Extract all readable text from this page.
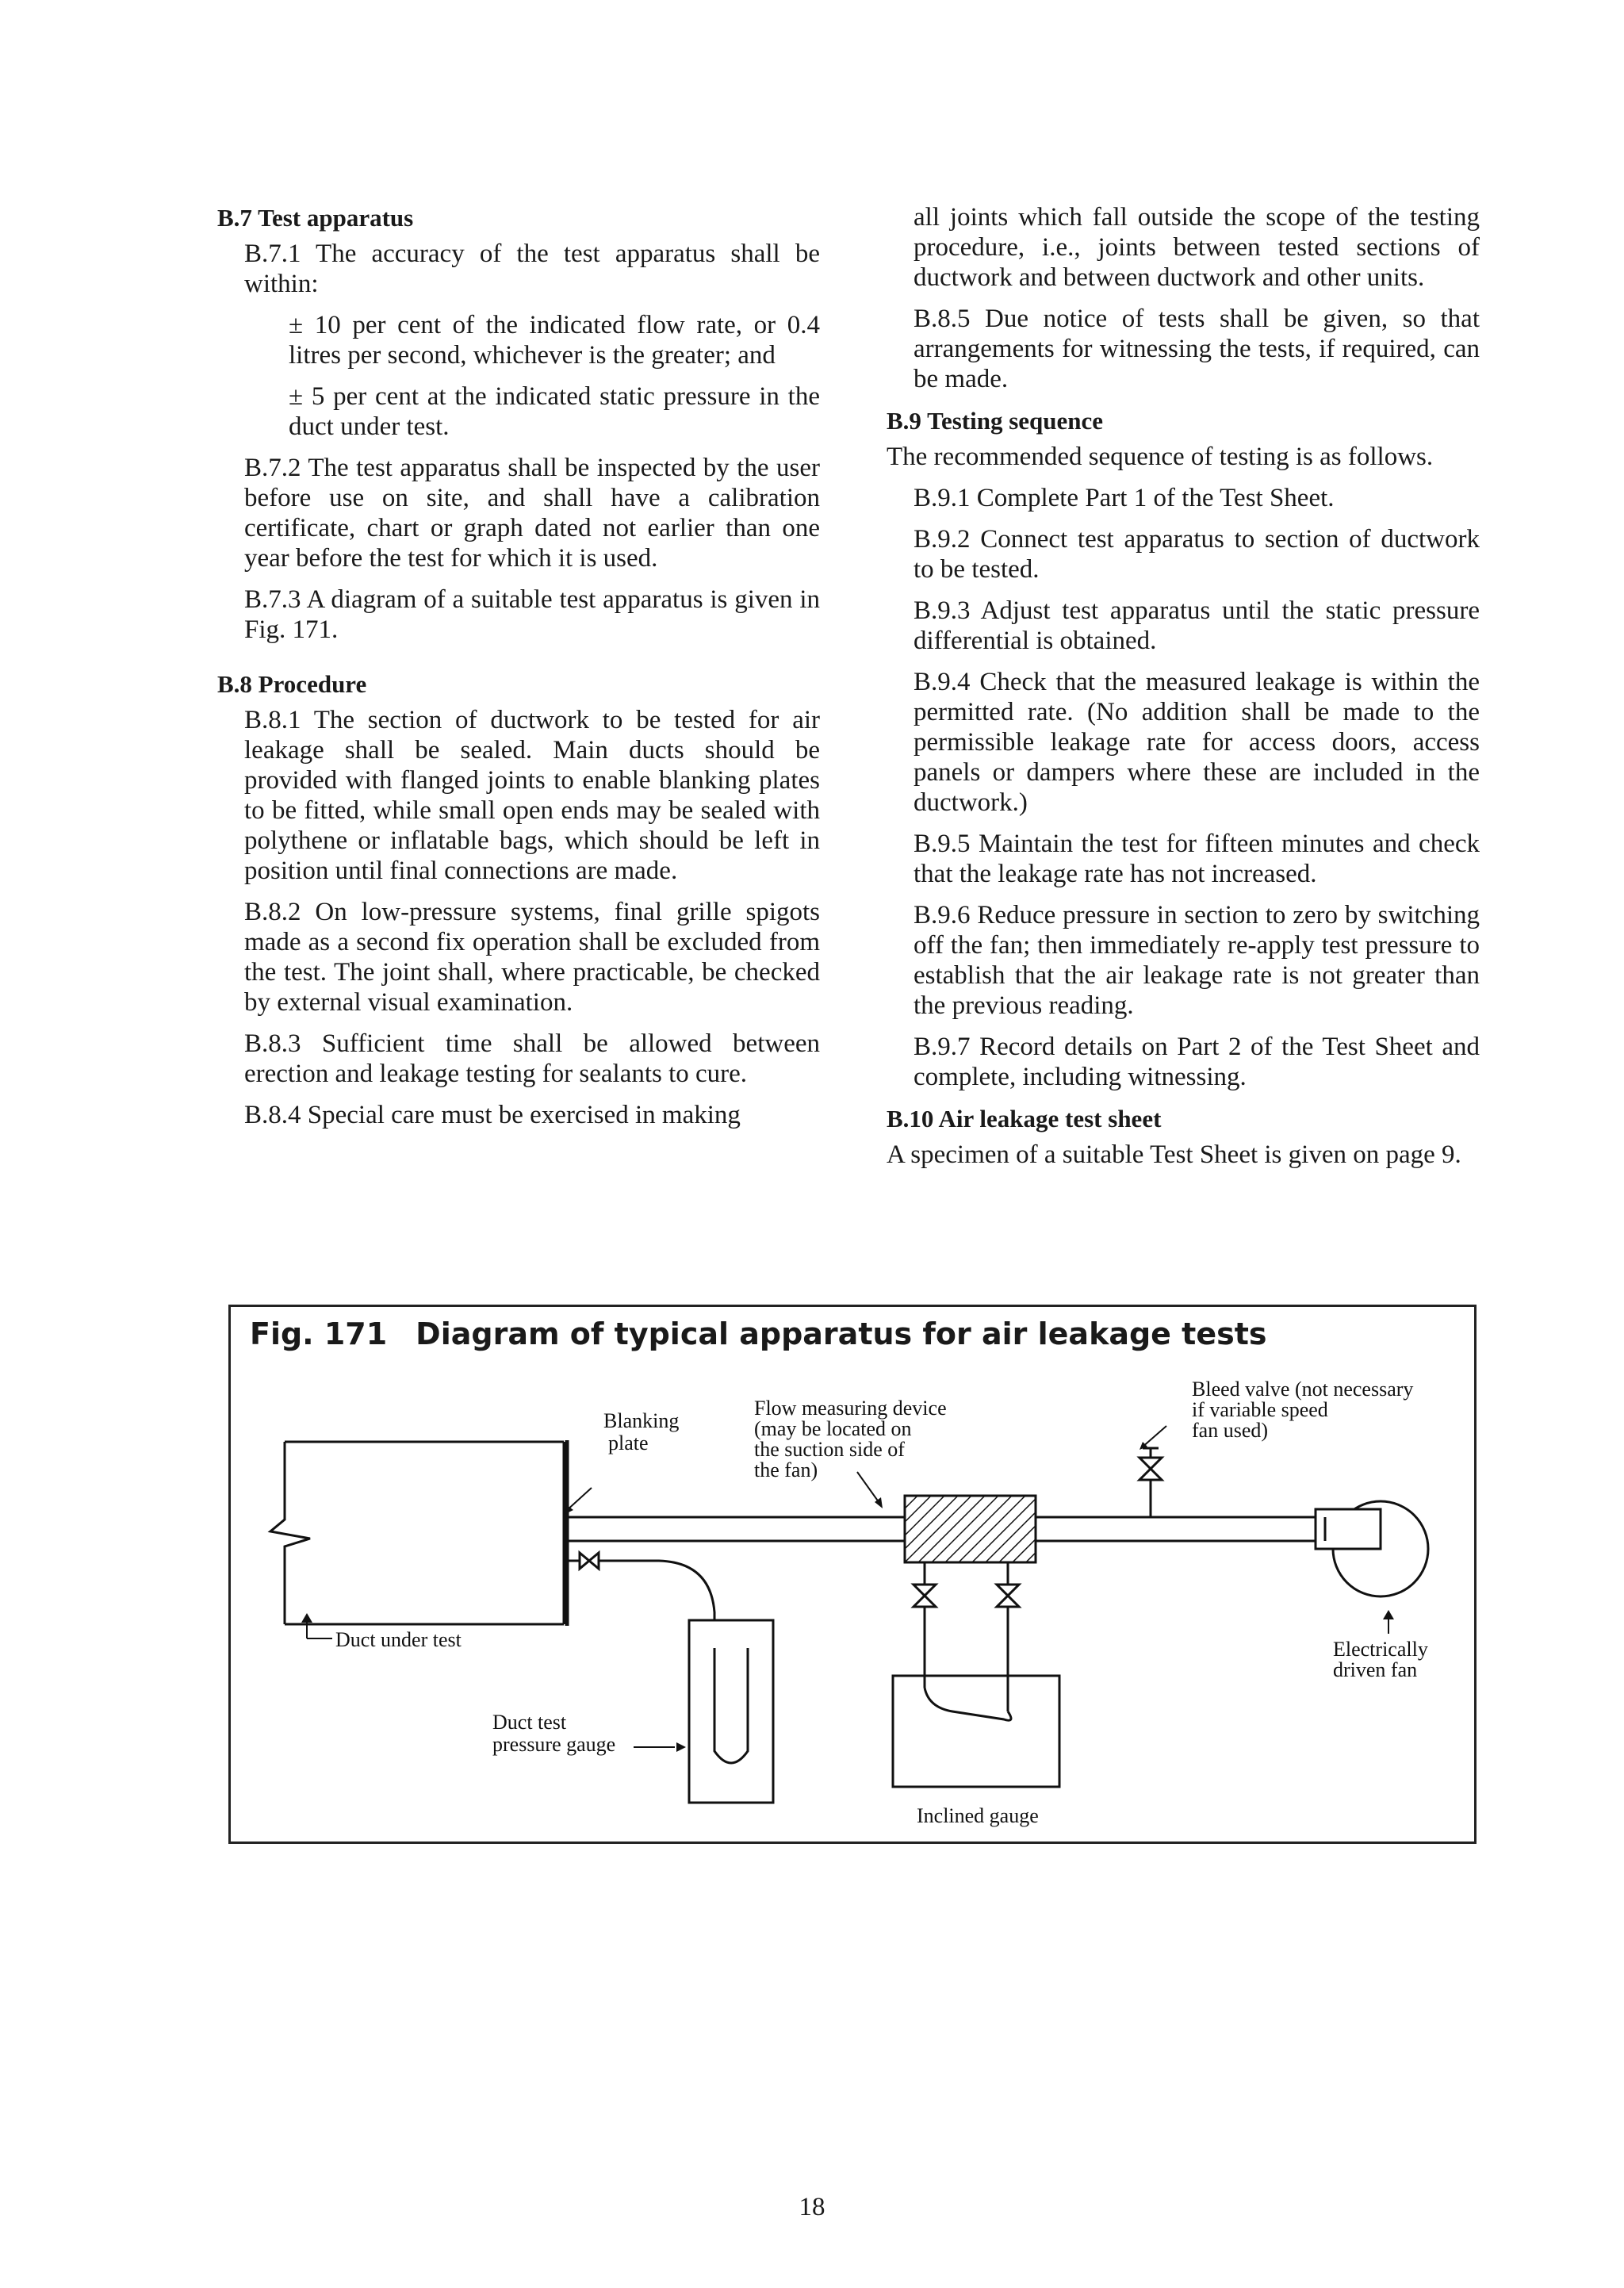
B.7 Test apparatus

B.7.1 The accuracy of the test apparatus shall be within:

± 10 per cent of the indicated flow rate, or 0.4 litres per second, whichever is the greater; and

± 5 per cent at the indicated static pressure in the duct under test.

B.7.2 The test apparatus shall be inspected by the user before use on site, and shall have a calibration certificate, chart or graph dated not earlier than one year before the test for which it is used.

B.7.3 A diagram of a suitable test apparatus is given in Fig. 171.

B.8 Procedure

B.8.1 The section of ductwork to be tested for air leakage shall be sealed. Main ducts should be provided with flanged joints to enable blanking plates to be fitted, while small open ends may be sealed with polythene or inflatable bags, which should be left in position until final connections are made.

B.8.2 On low-pressure systems, final grille spigots made as a second fix operation shall be excluded from the test. The joint shall, where practicable, be checked by external visual examination.

B.8.3 Sufficient time shall be allowed between erection and leakage testing for sealants to cure.

B.8.4 Special care must be exercised in making

all joints which fall outside the scope of the testing procedure, i.e., joints between tested sections of ductwork and between ductwork and other units.

B.8.5 Due notice of tests shall be given, so that arrangements for witnessing the tests, if required, can be made.

B.9 Testing sequence

The recommended sequence of testing is as follows.

B.9.1 Complete Part 1 of the Test Sheet.

B.9.2 Connect test apparatus to section of ductwork to be tested.

B.9.3 Adjust test apparatus until the static pressure differential is obtained.

B.9.4 Check that the measured leakage is within the permitted rate. (No addition shall be made to the permissible leakage rate for access doors, access panels or dampers where these are included in the ductwork.)

B.9.5 Maintain the test for fifteen minutes and check that the leakage rate has not increased.

B.9.6 Reduce pressure in section to zero by switching off the fan; then immediately re-apply test pressure to establish that the air leakage rate is not greater than the previous reading.

B.9.7 Record details on Part 2 of the Test Sheet and complete, including witnessing.

B.10 Air leakage test sheet

A specimen of a suitable Test Sheet is given on page 9.

Blanking
plate
Flow measuring device
(may be located on
the suction side of
the fan)
Bleed valve (not necessary
if variable speed
fan used)
Duct under test
Duct test
pressure gauge
Inclined gauge
Electrically
driven fan

Fig. 171 Diagram of typical apparatus for air leakage tests

18
